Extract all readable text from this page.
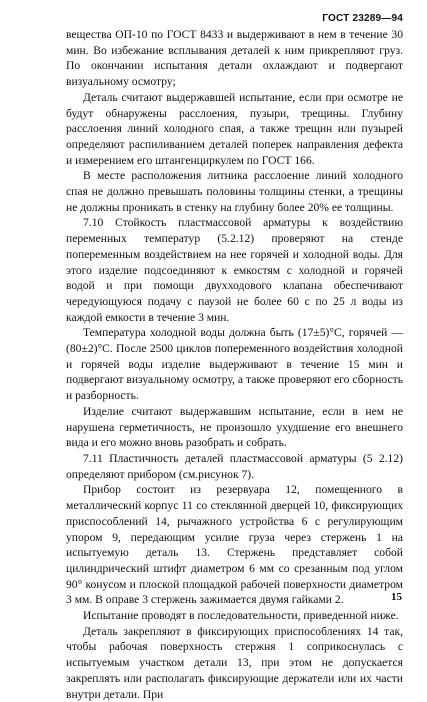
ГОСТ 23289—94

вещества ОП-10 по ГОСТ 8433 и выдерживают в нем в течение 30 мин. Во избежание всплывания деталей к ним прикрепляют груз. По окончании испытания детали охлаждают и подвергают визуальному осмотру;

Деталь считают выдержавшей испытание, если при осмотре не будут обнаружены расслоения, пузыри, трещины. Глубину расслоения линий холодного спая, а также трещин или пузырей определяют распиливанием деталей поперек направления дефекта и измерением его штангенциркулем по ГОСТ 166.

В месте расположения литника расслоение линий холодного спая не должно превышать половины толщины стенки, а трещины не должны проникать в стенку на глубину более 20% ее толщины.

7.10 Стойкость пластмассовой арматуры к воздействию переменных температур (5.2.12) проверяют на стенде попеременным воздействием на нее горячей и холодной воды. Для этого изделие подсоединяют к емкостям с холодной и горячей водой и при помощи двухходового клапана обеспечивают чередующуюся подачу с паузой не более 60 с по 25 л воды из каждой емкости в течение 3 мин.

Температура холодной воды должна быть (17±5)°С, горячей — (80±2)°С. После 2500 циклов попеременного воздействия холодной и горячей воды изделие выдерживают в течение 15 мин и подвергают визуальному осмотру, а также проверяют его сборность и разборность.

Изделие считают выдержавшим испытание, если в нем не нарушена герметичность, не произошло ухудшение его внешнего вида и его можно вновь разобрать и собрать.

7.11 Пластичность деталей пластмассовой арматуры (5 2.12) определяют прибором (см.рисунок 7).

Прибор состоит из резервуара 12, помещенного в металлический корпус 11 со стеклянной дверцей 10, фиксирующих приспособлений 14, рычажного устройства 6 с регулирующим упором 9, передающим усилие груза через стержень 1 на испытуемую деталь 13. Стержень представляет собой цилиндрический штифт диаметром 6 мм со срезанным под углом 90° конусом и плоской площадкой рабочей поверхности диаметром 3 мм. В оправе 3 стержень зажимается двумя гайками 2.

Испытание проводят в последовательности, приведенной ниже.

Деталь закрепляют в фиксирующих приспособлениях 14 так, чтобы рабочая поверхность стержня 1 соприкоснулась с испытуемым участком детали 13, при этом не допускается закреплять или располагать фиксирующие держатели или их части внутри детали. При

15
